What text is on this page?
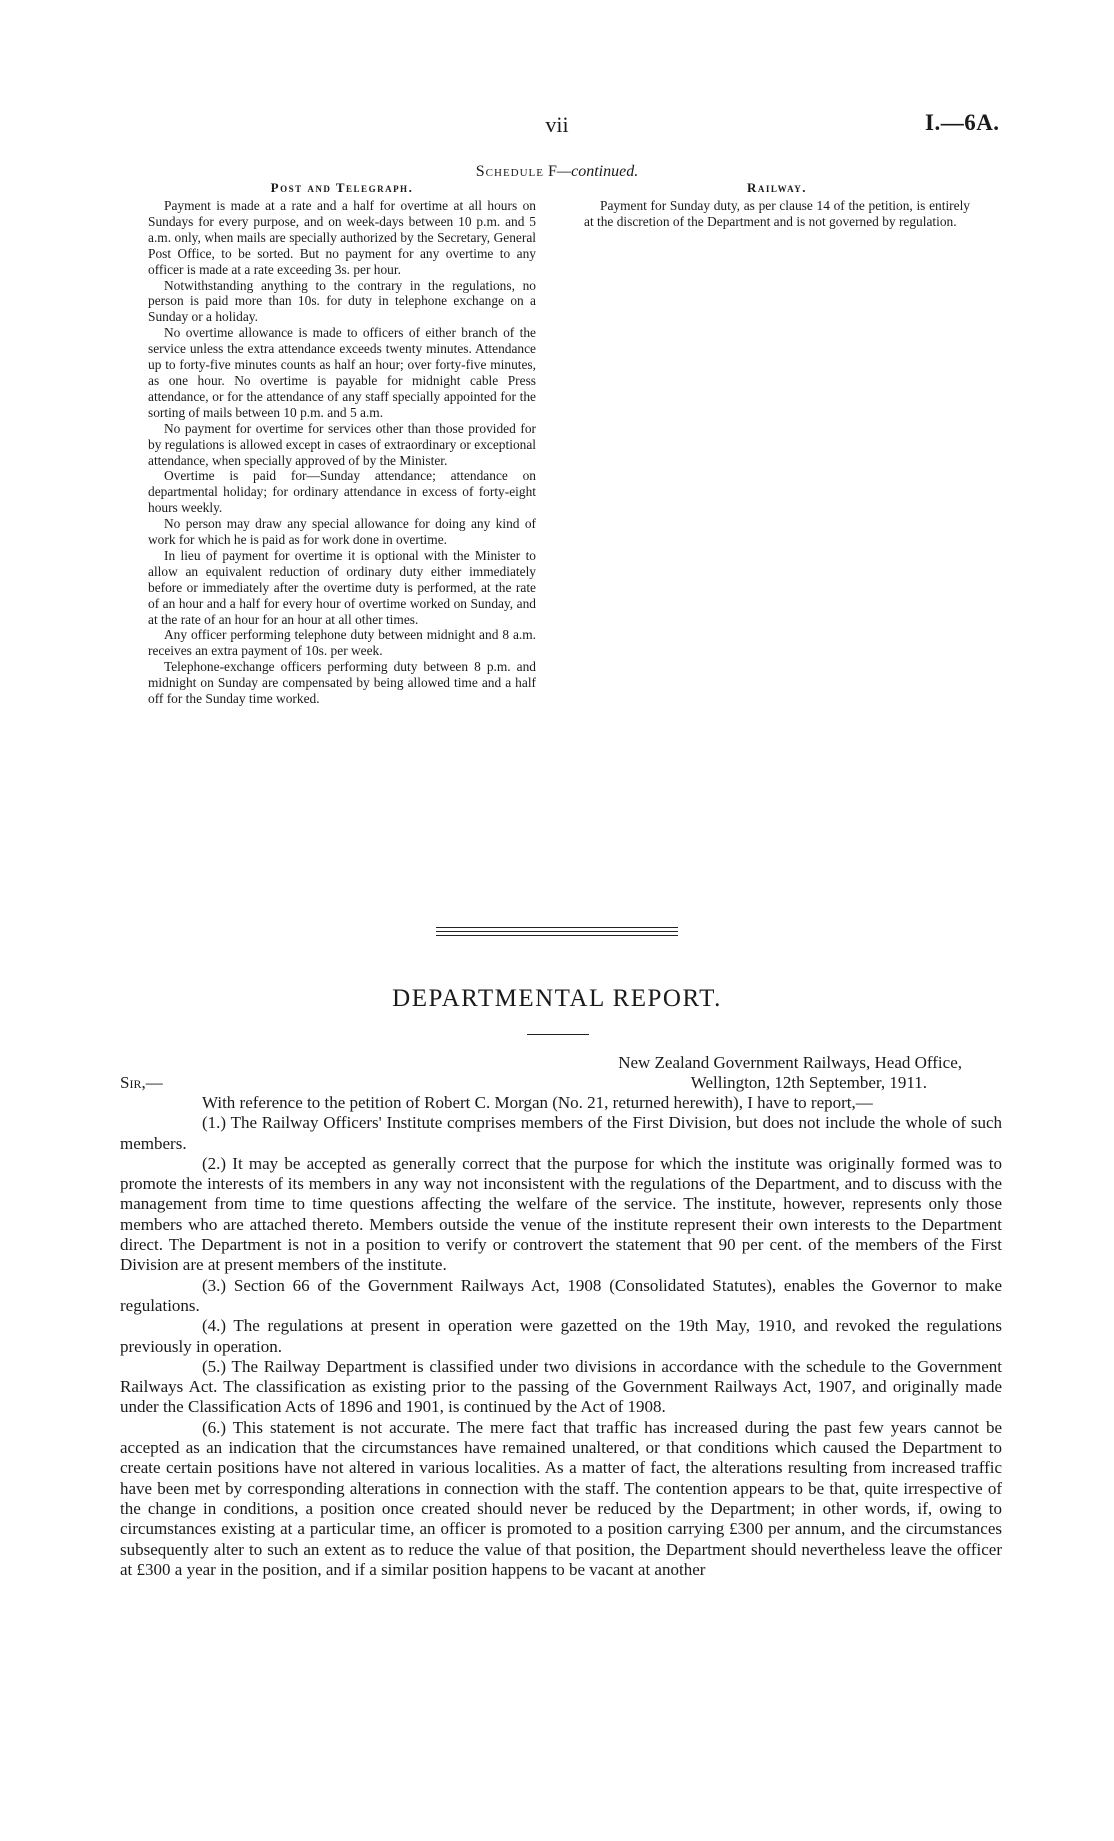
vii	I.—6A.
Schedule F—continued.
Post and Telegraph.

Payment is made at a rate and a half for overtime at all hours on Sundays for every purpose, and on week-days between 10 p.m. and 5 a.m. only, when mails are specially authorized by the Secretary, General Post Office, to be sorted. But no payment for any overtime to any officer is made at a rate exceeding 3s. per hour.

Notwithstanding anything to the contrary in the regulations, no person is paid more than 10s. for duty in telephone exchange on a Sunday or a holiday.

No overtime allowance is made to officers of either branch of the service unless the extra attendance exceeds twenty minutes. Attendance up to forty-five minutes counts as half an hour; over forty-five minutes, as one hour. No overtime is payable for midnight cable Press attendance, or for the attendance of any staff specially appointed for the sorting of mails between 10 p.m. and 5 a.m.

No payment for overtime for services other than those provided for by regulations is allowed except in cases of extraordinary or exceptional attendance, when specially approved of by the Minister.

Overtime is paid for—Sunday attendance; attendance on departmental holiday; for ordinary attendance in excess of forty-eight hours weekly.

No person may draw any special allowance for doing any kind of work for which he is paid as for work done in overtime.

In lieu of payment for overtime it is optional with the Minister to allow an equivalent reduction of ordinary duty either immediately before or immediately after the overtime duty is performed, at the rate of an hour and a half for every hour of overtime worked on Sunday, and at the rate of an hour for an hour at all other times.

Any officer performing telephone duty between midnight and 8 a.m. receives an extra payment of 10s. per week.

Telephone-exchange officers performing duty between 8 p.m. and midnight on Sunday are compensated by being allowed time and a half off for the Sunday time worked.

Railway.

Payment for Sunday duty, as per clause 14 of the petition, is entirely at the discretion of the Department and is not governed by regulation.

DEPARTMENTAL REPORT.
New Zealand Government Railways, Head Office,
Sir,—	Wellington, 12th September, 1911.

With reference to the petition of Robert C. Morgan (No. 21, returned herewith), I have to report,—

(1.) The Railway Officers' Institute comprises members of the First Division, but does not include the whole of such members.

(2.) It may be accepted as generally correct that the purpose for which the institute was originally formed was to promote the interests of its members in any way not inconsistent with the regulations of the Department, and to discuss with the management from time to time questions affecting the welfare of the service. The institute, however, represents only those members who are attached thereto. Members outside the venue of the institute represent their own interests to the Department direct. The Department is not in a position to verify or controvert the statement that 90 per cent. of the members of the First Division are at present members of the institute.

(3.) Section 66 of the Government Railways Act, 1908 (Consolidated Statutes), enables the Governor to make regulations.

(4.) The regulations at present in operation were gazetted on the 19th May, 1910, and revoked the regulations previously in operation.

(5.) The Railway Department is classified under two divisions in accordance with the schedule to the Government Railways Act. The classification as existing prior to the passing of the Government Railways Act, 1907, and originally made under the Classification Acts of 1896 and 1901, is continued by the Act of 1908.

(6.) This statement is not accurate. The mere fact that traffic has increased during the past few years cannot be accepted as an indication that the circumstances have remained unaltered, or that conditions which caused the Department to create certain positions have not altered in various localities. As a matter of fact, the alterations resulting from increased traffic have been met by corresponding alterations in connection with the staff. The contention appears to be that, quite irrespective of the change in conditions, a position once created should never be reduced by the Department; in other words, if, owing to circumstances existing at a particular time, an officer is promoted to a position carrying £300 per annum, and the circumstances subsequently alter to such an extent as to reduce the value of that position, the Department should nevertheless leave the officer at £300 a year in the position, and if a similar position happens to be vacant at another
